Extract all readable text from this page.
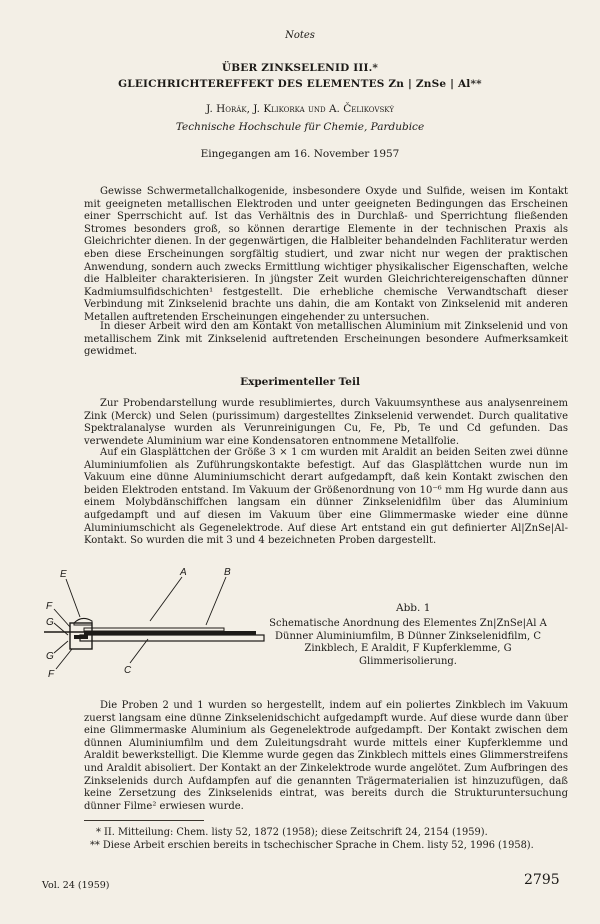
Notes
ÜBER ZINKSELENID III.*
GLEICHRICHTEREFFEKT DES ELEMENTES Zn | ZnSe | Al**
J. Horák, J. Klikorka und A. Čelikovský
Technische Hochschule für Chemie, Pardubice
Eingegangen am 16. November 1957

Gewisse Schwermetallchalkogenide, insbesondere Oxyde und Sulfide, weisen im Kontakt mit geeigneten metallischen Elektroden und unter geeigneten Bedingungen das Erscheinen einer Sperrschicht auf. Ist das Verhältnis des in Durchlaß- und Sperrichtung fließenden Stromes besonders groß, so können derartige Elemente in der technischen Praxis als Gleichrichter dienen. In der gegenwärtigen, die Halbleiter behandelnden Fachliteratur werden eben diese Erscheinungen sorgfältig studiert, und zwar nicht nur wegen der praktischen Anwendung, sondern auch zwecks Ermittlung wichtiger physikalischer Eigenschaften, welche die Halbleiter charakterisieren. In jüngster Zeit wurden Gleichrichtereigenschaften dünner Kadmiumsulfidschichten¹ festgestellt. Die erhebliche chemische Verwandtschaft dieser Verbindung mit Zinkselenid brachte uns dahin, die am Kontakt von Zinkselenid mit anderen Metallen auftretenden Erscheinungen eingehender zu untersuchen.

In dieser Arbeit wird den am Kontakt von metallischen Aluminium mit Zinkselenid und von metallischem Zink mit Zinkselenid auftretenden Erscheinungen besondere Aufmerksamkeit gewidmet.

Experimenteller Teil

Zur Probendarstellung wurde resublimiertes, durch Vakuumsynthese aus analysenreinem Zink (Merck) und Selen (purissimum) dargestelltes Zinkselenid verwendet. Durch qualitative Spektralanalyse wurden als Verunreinigungen Cu, Fe, Pb, Te und Cd gefunden. Das verwendete Aluminium war eine Kondensatoren entnommene Metallfolie.

Auf ein Glasplättchen der Größe 3 × 1 cm wurden mit Araldit an beiden Seiten zwei dünne Aluminiumfolien als Zuführungskontakte befestigt. Auf das Glasplättchen wurde nun im Vakuum eine dünne Aluminiumschicht derart aufgedampft, daß kein Kontakt zwischen den beiden Elektroden entstand. Im Vakuum der Größenordnung von 10⁻⁶ mm Hg wurde dann aus einem Molybdänschiffchen langsam ein dünner Zinkselenidfilm über das Aluminium aufgedampft und auf diesen im Vakuum über eine Glimmermaske wieder eine dünne Aluminiumschicht als Gegenelektrode. Auf diese Art entstand ein gut definierter Al|ZnSe|Al-Kontakt. So wurden die mit 3 und 4 bezeichneten Proben dargestellt.

E	A	B
F
G
G
F	C
Abb. 1
Schematische Anordnung des Elementes Zn|ZnSe|Al A Dünner Aluminiumfilm, B Dünner Zinkselenidfilm, C Zinkblech, E Araldit, F Kupferklemme, G Glimmerisolierung.

Die Proben 2 und 1 wurden so hergestellt, indem auf ein poliertes Zinkblech im Vakuum zuerst langsam eine dünne Zinkselenidschicht aufgedampft wurde. Auf diese wurde dann über eine Glimmermaske Aluminium als Gegenelektrode aufgedampft. Der Kontakt zwischen dem dünnen Aluminiumfilm und dem Zuleitungsdraht wurde mittels einer Kupferklemme und Araldit bewerkstelligt. Die Klemme wurde gegen das Zinkblech mittels eines Glimmerstreifens und Araldit abisoliert. Der Kontakt an der Zinkelektrode wurde angelötet. Zum Aufbringen des Zinkselenids durch Aufdampfen auf die genannten Trägermaterialien ist hinzuzufügen, daß keine Zersetzung des Zinkselenids eintrat, was bereits durch die Strukturuntersuchung dünner Filme² erwiesen wurde.

* II. Mitteilung: Chem. listy 52, 1872 (1958); diese Zeitschrift 24, 2154 (1959).

** Diese Arbeit erschien bereits in tschechischer Sprache in Chem. listy 52, 1996 (1958).

Vol. 24 (1959)	2795
